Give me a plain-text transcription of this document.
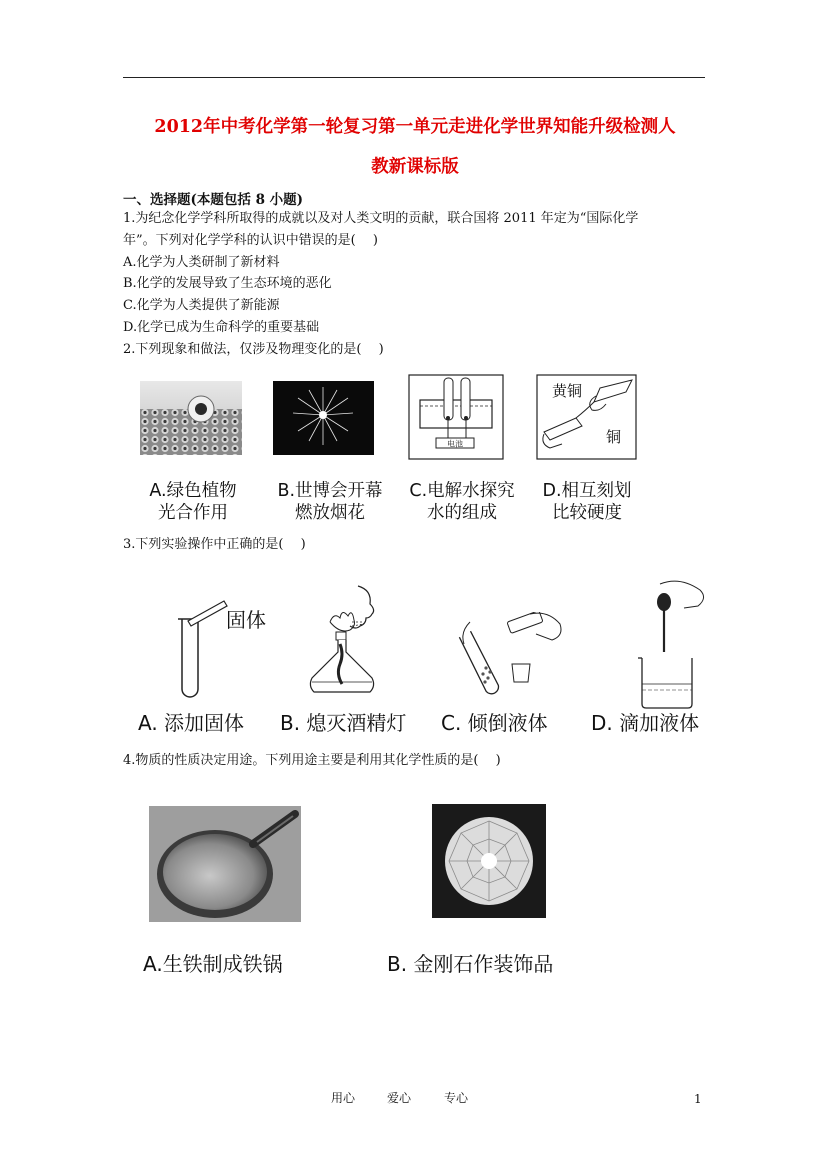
2012年中考化学第一轮复习第一单元走进化学世界知能升级检测人
教新课标版
一、选择题(本题包括 8 小题)
1.为纪念化学学科所取得的成就以及对人类文明的贡献，联合国将 2011 年定为“国际化学
年”。下列对化学学科的认识中错误的是(　 )
A.化学为人类研制了新材料
B.化学的发展导致了生态环境的恶化
C.化学为人类提供了新能源
D.化学已成为生命科学的重要基础
2.下列现象和做法，仅涉及物理变化的是(　 )
电池
黄铜
铜
A.绿色植物
光合作用
B.世博会开幕
燃放烟花
C.电解水探究
水的组成
D.相互刻划
比较硬度
3.下列实验操作中正确的是(　 )
固体
A. 添加固体 B. 熄灭酒精灯 C. 倾倒液体 D. 滴加液体
4.物质的性质决定用途。下列用途主要是利用其化学性质的是(　 )
A.生铁制成铁锅	B. 金刚石作装饰品
用心	爱心	专心	1
